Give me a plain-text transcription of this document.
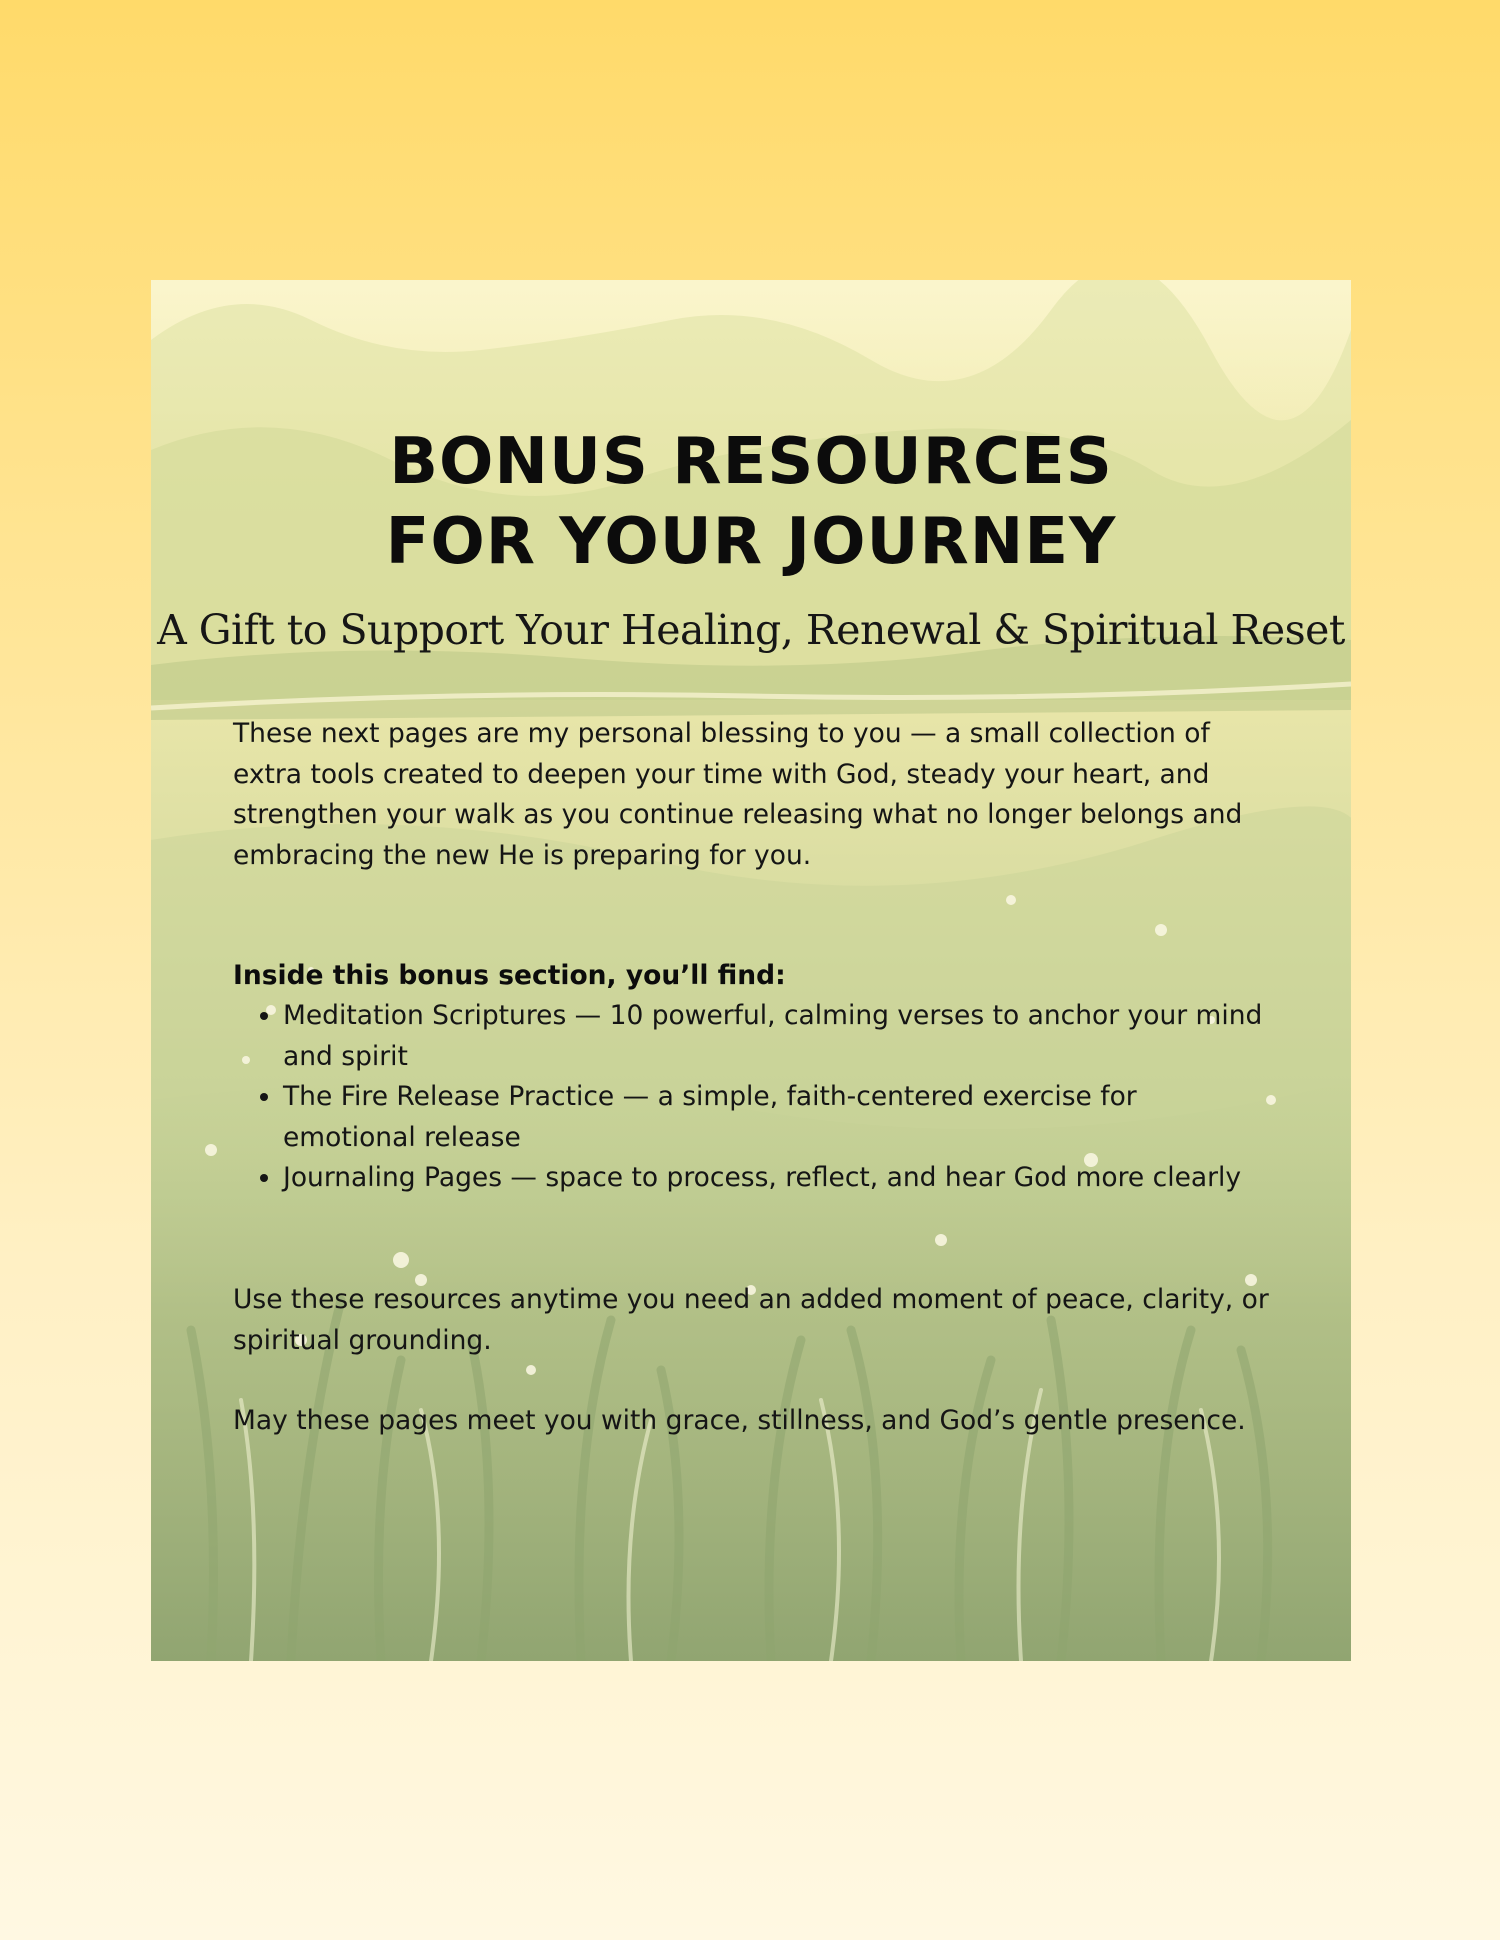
BONUS RESOURCES
FOR YOUR JOURNEY

A Gift to Support Your Healing, Renewal & Spiritual Reset

These next pages are my personal blessing to you — a small collection of extra tools created to deepen your time with God, steady your heart, and strengthen your walk as you continue releasing what no longer belongs and embracing the new He is preparing for you.

Inside this bonus section, you’ll find:

• Meditation Scriptures — 10 powerful, calming verses to anchor your mind and spirit
• The Fire Release Practice — a simple, faith-centered exercise for emotional release
• Journaling Pages — space to process, reflect, and hear God more clearly

Use these resources anytime you need an added moment of peace, clarity, or spiritual grounding.

May these pages meet you with grace, stillness, and God’s gentle presence.
